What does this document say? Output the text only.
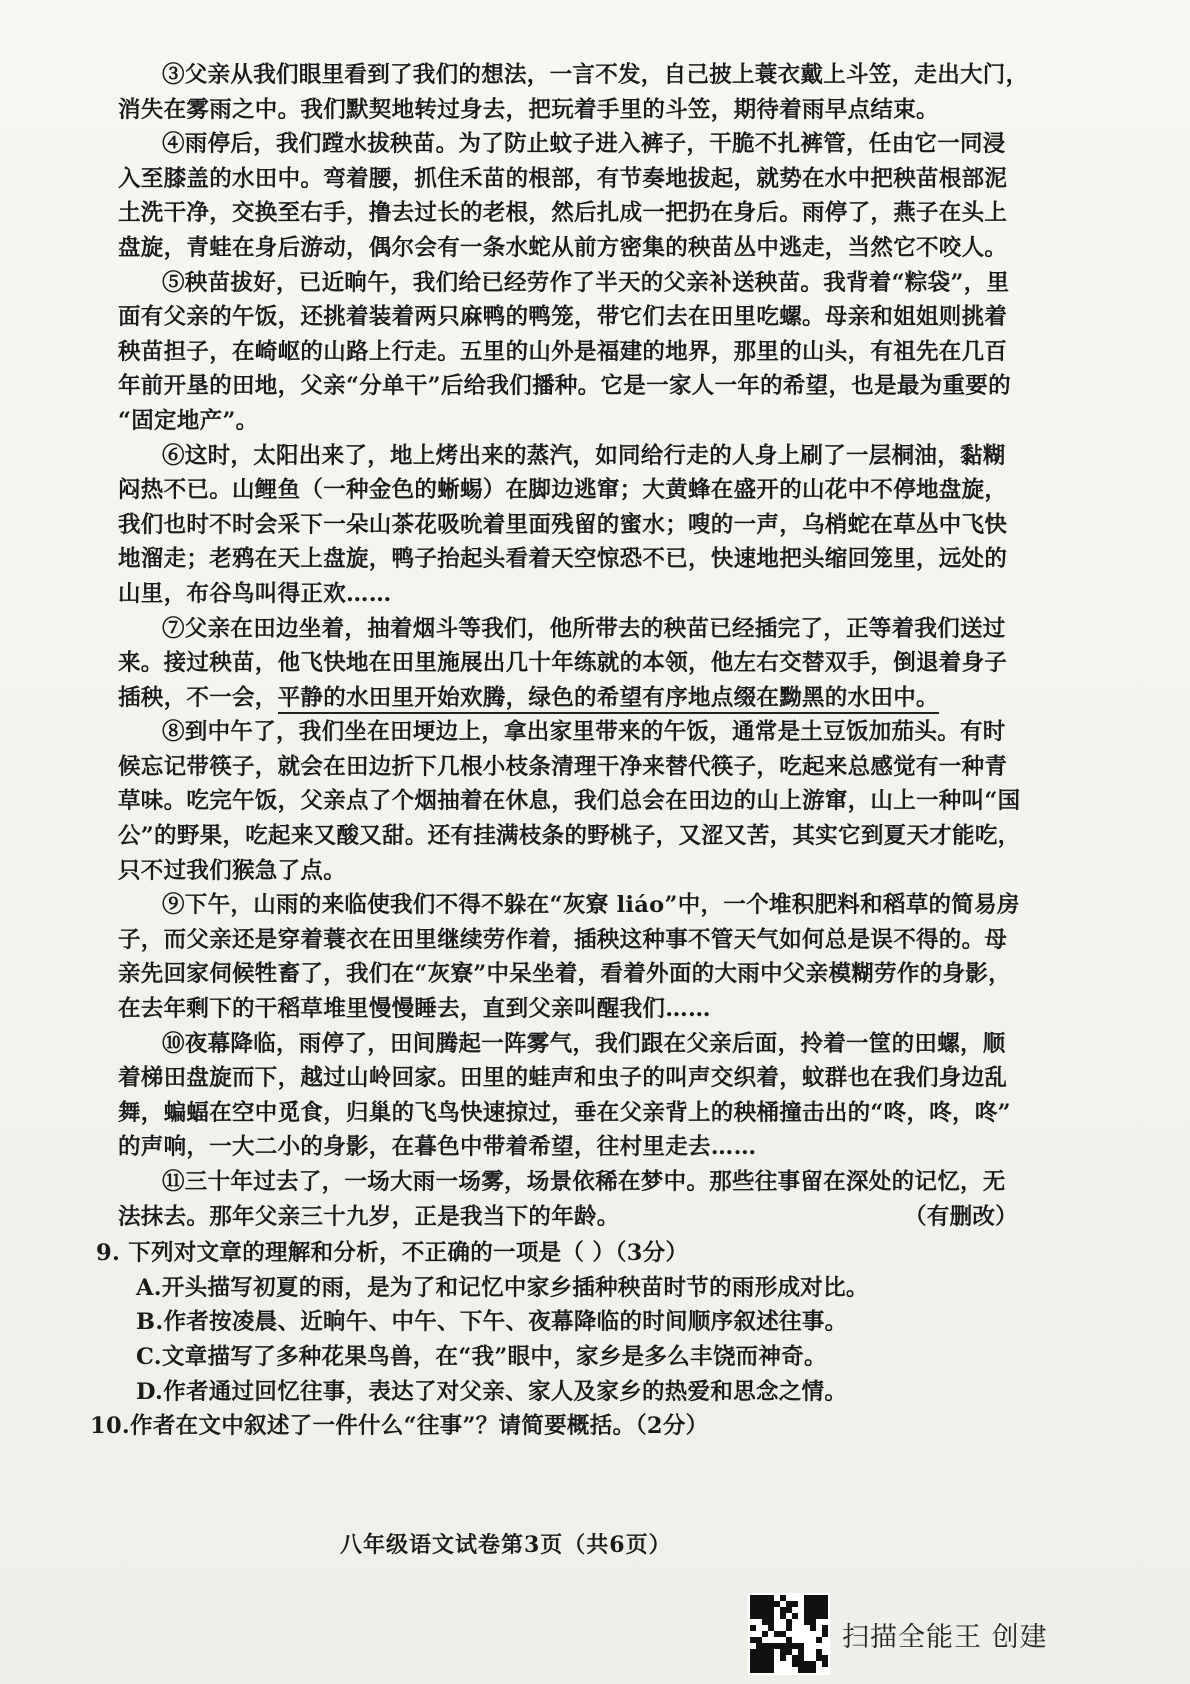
③父亲从我们眼里看到了我们的想法，一言不发，自己披上蓑衣戴上斗笠，走出大门，
消失在雾雨之中。我们默契地转过身去，把玩着手里的斗笠，期待着雨早点结束。
④雨停后，我们蹚水拔秧苗。为了防止蚊子进入裤子，干脆不扎裤管，任由它一同浸
入至膝盖的水田中。弯着腰，抓住禾苗的根部，有节奏地拔起，就势在水中把秧苗根部泥
土洗干净，交换至右手，撸去过长的老根，然后扎成一把扔在身后。雨停了，燕子在头上
盘旋，青蛙在身后游动，偶尔会有一条水蛇从前方密集的秧苗丛中逃走，当然它不咬人。
⑤秧苗拔好，已近晌午，我们给已经劳作了半天的父亲补送秧苗。我背着“粽袋”，里
面有父亲的午饭，还挑着装着两只麻鸭的鸭笼，带它们去在田里吃螺。母亲和姐姐则挑着
秧苗担子，在崎岖的山路上行走。五里的山外是福建的地界，那里的山头，有祖先在几百
年前开垦的田地，父亲“分单干”后给我们播种。它是一家人一年的希望，也是最为重要的
“固定地产”。
⑥这时，太阳出来了，地上烤出来的蒸汽，如同给行走的人身上刷了一层桐油，黏糊
闷热不已。山鲤鱼（一种金色的蜥蜴）在脚边逃窜；大黄蜂在盛开的山花中不停地盘旋，
我们也时不时会采下一朵山茶花吸吮着里面残留的蜜水；嗖的一声，乌梢蛇在草丛中飞快
地溜走；老鸦在天上盘旋，鸭子抬起头看着天空惊恐不已，快速地把头缩回笼里，远处的
山里，布谷鸟叫得正欢……
⑦父亲在田边坐着，抽着烟斗等我们，他所带去的秧苗已经插完了，正等着我们送过
来。接过秧苗，他飞快地在田里施展出几十年练就的本领，他左右交替双手，倒退着身子
插秧，不一会，平静的水田里开始欢腾，绿色的希望有序地点缀在黝黑的水田中。
⑧到中午了，我们坐在田埂边上，拿出家里带来的午饭，通常是土豆饭加茄头。有时
候忘记带筷子，就会在田边折下几根小枝条清理干净来替代筷子，吃起来总感觉有一种青
草味。吃完午饭，父亲点了个烟抽着在休息，我们总会在田边的山上游窜，山上一种叫“国
公”的野果，吃起来又酸又甜。还有挂满枝条的野桃子，又涩又苦，其实它到夏天才能吃，
只不过我们猴急了点。
⑨下午，山雨的来临使我们不得不躲在“灰寮 liáo”中，一个堆积肥料和稻草的简易房
子，而父亲还是穿着蓑衣在田里继续劳作着，插秧这种事不管天气如何总是误不得的。母
亲先回家伺候牲畜了，我们在“灰寮”中呆坐着，看着外面的大雨中父亲模糊劳作的身影，
在去年剩下的干稻草堆里慢慢睡去，直到父亲叫醒我们……
⑩夜幕降临，雨停了，田间腾起一阵雾气，我们跟在父亲后面，拎着一筐的田螺，顺
着梯田盘旋而下，越过山岭回家。田里的蛙声和虫子的叫声交织着，蚊群也在我们身边乱
舞，蝙蝠在空中觅食，归巢的飞鸟快速掠过，垂在父亲背上的秧桶撞击出的“咚，咚，咚”
的声响，一大二小的身影，在暮色中带着希望，往村里走去……
⑪三十年过去了，一场大雨一场雾，场景依稀在梦中。那些往事留在深处的记忆，无
法抹去。那年父亲三十九岁，正是我当下的年龄。	（有删改）
9. 下列对文章的理解和分析，不正确的一项是（ ）（3分）
A.开头描写初夏的雨，是为了和记忆中家乡插种秧苗时节的雨形成对比。
B.作者按凌晨、近晌午、中午、下午、夜幕降临的时间顺序叙述往事。
C.文章描写了多种花果鸟兽，在“我”眼中，家乡是多么丰饶而神奇。
D.作者通过回忆往事，表达了对父亲、家人及家乡的热爱和思念之情。
10.作者在文中叙述了一件什么“往事”？请简要概括。（2分）
八年级语文试卷第3页（共6页）
扫描全能王 创建
